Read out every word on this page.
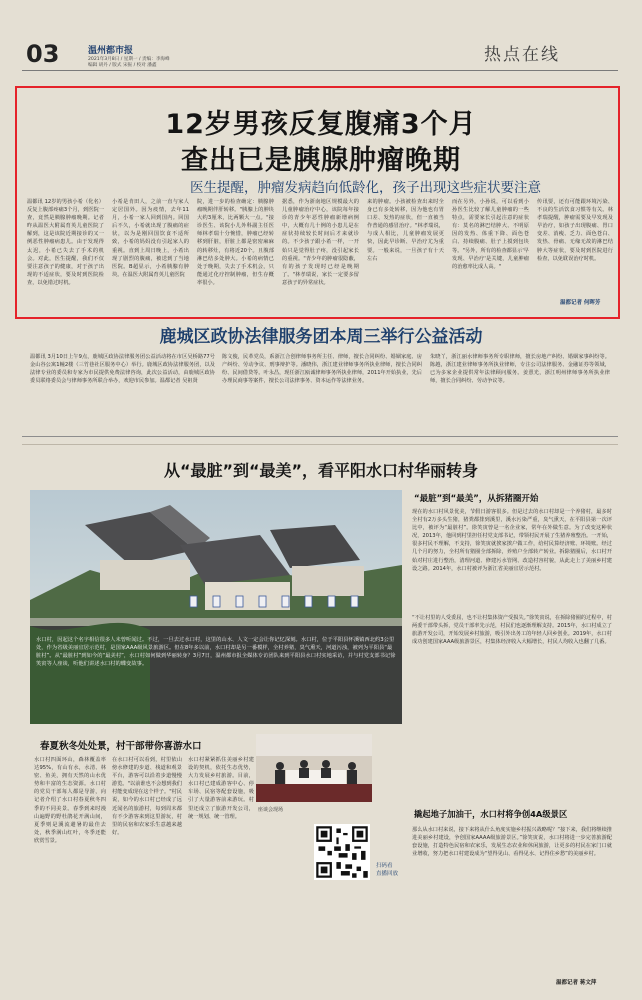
03	温州都市报
2021年3月8日 / 星期一 / 责编：李海峰
编辑 胡丹 / 版式 宋振 / 校对 潘鑫
热点在线
12岁男孩反复腹痛3个月
查出已是胰腺肿瘤晚期
医生提醒，肿瘤发病趋向低龄化，孩子出现这些症状要注意
温都讯 12岁的男孩小希（化名）反复上腹部疼痛3个月，到医院一查，竟然是胰腺肿瘤晚期。记者昨从温医大附属育英儿童医院了解到，这是该院近期接诊的又一例恶性肿瘤病患儿。由于发现得太迟，小希已失去了手术的机会。对此，医生提醒，我们不仅要注意孩子的健康，对于孩子出现的不适症状，要及时到医院检查，以免错过时机。
小希是肯田人，之前一直与家人定居国外。因为疫情，去年11月，小希一家人回到国内。回国后不久，小希就出现了腹痛的症状，以为是刚回国饮食不适所致，小希的妈妈没有引起家人的重视。直到上周日晚上，小希出现了剧烈的腹痛，被送到了当地医院。B超显示，小希胰腺有肿块。在温医大附属育英儿童医院
院，进一步的检查确定：胰腺肿瘤晚期伴肝转移。"胰腺上的肿块大约3厘米，比两颗大一点。"接诊医生、该院小儿外科副主任医师林孝瑞十分惋惜，肿瘤已经转移到肝脏，肝脏上都是密密麻麻的转移灶，有将近20个。且腹部淋巴结多处肿大。小希的病情已处于晚期，失去了手术机会，只能通过化疗控制肿瘤，但生存概率很小。
据悉，作为浙南地区规模最大的儿童肿瘤治疗中心，该院每年接诊的青少年恶性肿瘤新增病例中，大概有几十例的小患儿是在症状持续较长时间后才来就诊的。不少孩子跟小希一样，一开始只是觉得肚子疼，没引起家长的重视。"青少年的肿瘤很隐蔽，有的孩子发现时已经是晚期了。"林孝瑞说，家长一定要多留意孩子的异常症状。
来的肿瘤。小孩被检查出来时全身已有多处转移，因为他也有胃口差、发热的症状，但一直被当作普通的感冒治疗。"林孝瑞说，与成人相比，儿童肿瘤发展更快，因此早诊断、早治疗尤为重要。一般来说，一旦孩子有十天左右
而在另外，小孙说，可以看到小孙医生比较了解儿童肿瘤的一些特点，需要家长引起注意的症状有：莫名的淋巴结肿大、不明原因的发热、体重下降、面色苍白、持续腹痛、肚子上摸到包块等。"另外，所有的检查都显示'早发现、早治疗'是关键，儿童肿瘤的治愈率比成人高。"
传讯要，还有可能跟环境污染、不良的生活饮食习惯等有关。林孝瑞提醒，肿瘤需要及早发现及早治疗，如孩子出现腹痛、胃口变差、消瘦、乏力、面色苍白、发热、骨痛、无缘无故的淋巴结肿大等症状，要及时到医院进行检查，以免耽误治疗时机。
温都记者 何晖芳
鹿城区政协法律服务团本周三举行公益活动
温都讯 3月10日上午9点，鹿城区政协法律服务团公益活动将在市区吴桥路77号金山谷公寓1幢2楼（三竹巷社区服务中心）举行。鹿城区政协法律服务团，以及法律专业的委员和专家为市民提供免费法律咨询，此次公益活动，由鹿城区政协委员联络委员会与律师事务所联合举办，欢迎市民参加。温都记者 吴祖贤
陈文俊，民革党员，系浙江合创律师事务所主任、律师，擅长合同纠纷、婚姻家庭、房产纠纷、劳动争议、刑事辩护等。潘晓伟，浙江建业律师事务所执业律师，擅长合同纠纷、民间借贷等。叶永昌，现任浙江瓯诚律师事务所执业律师，2011年开始执业，先后办理民商事等案件，擅长公司法律事务、资本运作等法律业务。
朱晓丫，浙江丽水律师事务所专职律师，擅长房地产纠纷、婚姻家事纠纷等。陈越，浙江建业律师事务所执业律师，专注公司法律服务、金融证券等领域，已为多家企业提供常年法律顾问服务。姜憙光，浙江明州律师事务所执业律师，擅长合同纠纷、劳动争议等。
从“最脏”到“最美”，看平阳水口村华丽转身
水口村，因起这个名字相信很多人未曾听闻过。不过，一旦去过水口村，这里的山水、人文一定会让你记忆深刻。水口村，位于平阳县怀溪镇西北约3公里处，作为省级美丽宜居示范村，是国家AAA级风景旅游区。但在8年多以前，水口村却是另一番模样，全村养猪，臭气熏天，河道污浊，被列为平阳县“最脏村”。从“最脏村”到如今的“最美村”，水口村如何做到华丽转身？3月7日，温州都市报全媒体专访团队来到平阳县水口村实地采访，并与村党支部书记徐笑寅等人座谈，听他们讲述水口村的蝶变故事。
春夏秋冬处处景，村干部带你喜游水口
水口村四面环山，森林覆盖率达95%，有山有水，水清、林密、鱼美，拥有天然的山水优势和丰富的生态资源。水口村的党员干部每人都是导游，向记者介绍了水口村春夏秋冬四季的不同美景。春季到来时漫山遍野的野杜鹃花开满山间，夏季则是溪流避暑的最佳去处，秋季满山红叶，冬季还能欣赏雪景。
在水口村可以看到，村里依山傍水修建的步道、栈道和观景平台，游客可以沿着步道慢慢游览。"以前谁也不会想到我们村能变成现在这个样子。"村民说，如今的水口村已经成了远近闻名的旅游村，每到周末都有不少游客来到这里游玩，村里的民宿和农家乐生意越来越好。
水口村紧紧抓住美丽乡村建设的契机，依托生态优势，大力发展乡村旅游。目前，水口村已建成游客中心、停车场、民宿等配套设施，吸引了大量游客前来游玩。村里还成立了旅游开发公司，统一规划、统一管理。
座谈会现场
扫码看
直播回放
“最脏”到“最美”，从拆猪圈开始
现在的水口村风景优美，节假日游客很多。但是过去的水口村却是一个养猪村，最多时全村有2万多头生猪，猪粪都排到溪里，溪水污染严重，臭气熏天，在平阳县第一次评比中，被评为“最脏村”。徐笑寅曾是一名企业家，常年在外做生意。为了改变这种状况，2013年，他回到村里担任村党支部书记，带领村民开展了生猪养殖整治。一开始，很多村民不理解，不支持，徐笑寅就挨家挨户做工作，给村民算经济账、环境账。经过几个月的努力，全村所有猪圈全部拆除，养殖户全部转产转业。拆除猪圈后，水口村开始对村庄进行整治，清理河道、修建污水管网、改造村容村貌，从此走上了美丽乡村建设之路。2014年，水口村被评为浙江省美丽宜居示范村。
“不让村里的人受委屈，也不让村集体资产受损失。”徐笑寅说，在拆除猪圈的过程中，村两委干部带头拆，党员干部率先示范，村民们也逐渐理解支持。2015年，水口村成立了旅游开发公司，开始发展乡村旅游，吸引外出务工的年轻人回乡创业。2019年，水口村成功创建国家AAA级旅游景区，村集体经济收入大幅增长，村民人均收入也翻了几番。
撬起地子加油干，水口村将争创4A级景区
那么从水口村来说，接下来将从什么角度实施乡村振兴战略呢？“接下来，我们将继续推进美丽乡村建设，争创国家AAAA级旅游景区。”徐笑寅说，水口村将进一步完善旅游配套设施，打造特色民宿和农家乐，发展生态农业和休闲旅游，让更多的村民在家门口就业增收，努力把水口村建设成为“望得见山、看得见水、记得住乡愁”的美丽乡村。
温都记者 蒋文萍
